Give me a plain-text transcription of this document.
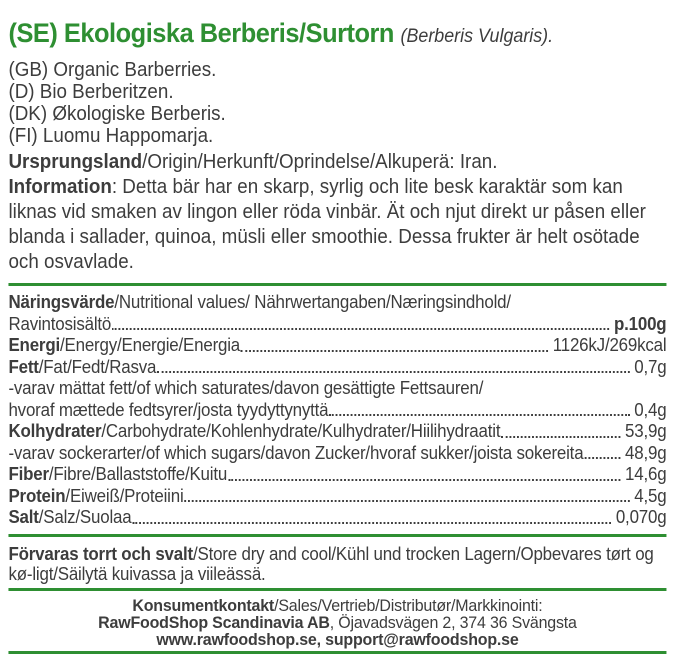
(SE) Ekologiska Berberis/Surtorn (Berberis Vulgaris).
(GB) Organic Barberries.
(D) Bio Berberitzen.
(DK) Økologiske Berberis.
(FI) Luomu Happomarja.

Ursprungsland/Origin/Herkunft/Oprindelse/Alkuperä: Iran.

Information: Detta bär har en skarp, syrlig och lite besk karaktär som kan liknas vid smaken av lingon eller röda vinbär. Ät och njut direkt ur påsen eller blanda i sallader, quinoa, müsli eller smoothie. Dessa frukter är helt osötade och osvavlade.

Näringsvärde/Nutritional values/ Nährwertangaben/Næringsindhold/
Ravintosisältö	p.100g
Energi/Energy/Energie/Energia	1126kJ/269kcal
Fett/Fat/Fedt/Rasva	0,7g
-varav mättat fett/of which saturates/davon gesättigte Fettsauren/
hvoraf mættede fedtsyrer/josta tyydyttynyttä	0,4g
Kolhydrater/Carbohydrate/Kohlenhydrate/Kulhydrater/Hiilihydraatit	53,9g
-varav sockerarter/of which sugars/davon Zucker/hvoraf sukker/joista sokereita 48,9g
Fiber/Fibre/Ballaststoffe/Kuitu	14,6g
Protein/Eiweiß/Proteiini	4,5g
Salt/Salz/Suolaa	0,070g

Förvaras torrt och svalt/Store dry and cool/Kühl und trocken Lagern/Opbevares tørt og kø-ligt/Säilytä kuivassa ja viileässä.

Konsumentkontakt/Sales/Vertrieb/Distributør/Markkinointi:
RawFoodShop Scandinavia AB, Öjavadsvägen 2, 374 36 Svängsta
www.rawfoodshop.se, support@rawfoodshop.se
